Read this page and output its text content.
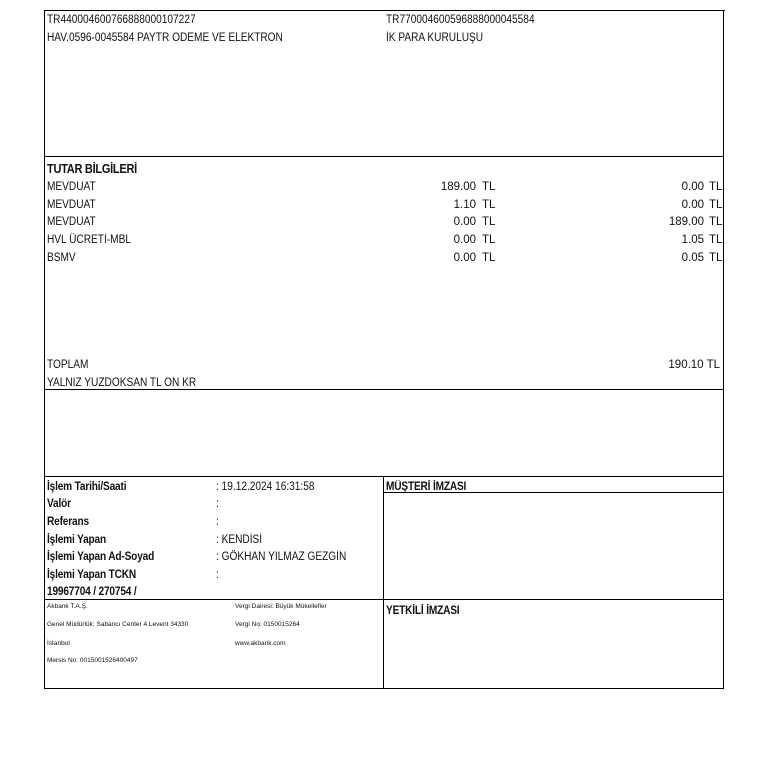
TR440004600766888000107227
HAV.0596-0045584 PAYTR ÖDEME VE ELEKTRON
TR770004600596888000045584
İK PARA KURULUŞU
TUTAR BİLGİLERİ
MEVDUAT
MEVDUAT
MEVDUAT
HVL ÜCRETİ-MBL
BSMV
189.00
1.10
0.00
0.00
0.00
TL
TL
TL
TL
TL
0.00
0.00
189.00
1.05
0.05
TL
TL
TL
TL
TL
TOPLAM	190.10 TL
YALNIZ YÜZDOKSAN TL ON KR
İşlem Tarihi/Saati
Valör
Referans
İşlemi Yapan
İşlemi Yapan Ad-Soyad
İşlemi Yapan TCKN
19967704 / 270754 /
: 19.12.2024 16:31:58
:
:
: KENDİSİ
: GÖKHAN YILMAZ GEZGİN
:
MÜŞTERİ İMZASI
YETKİLİ İMZASI
Akbank T.A.Ş.
Genel Müdürlük: Sabancı Center 4.Levent 34330
İstanbul
Mersis No: 0015001526400497
Vergi Dairesi: Büyük Mükellefler
Vergi No: 0150015264
www.akbank.com
